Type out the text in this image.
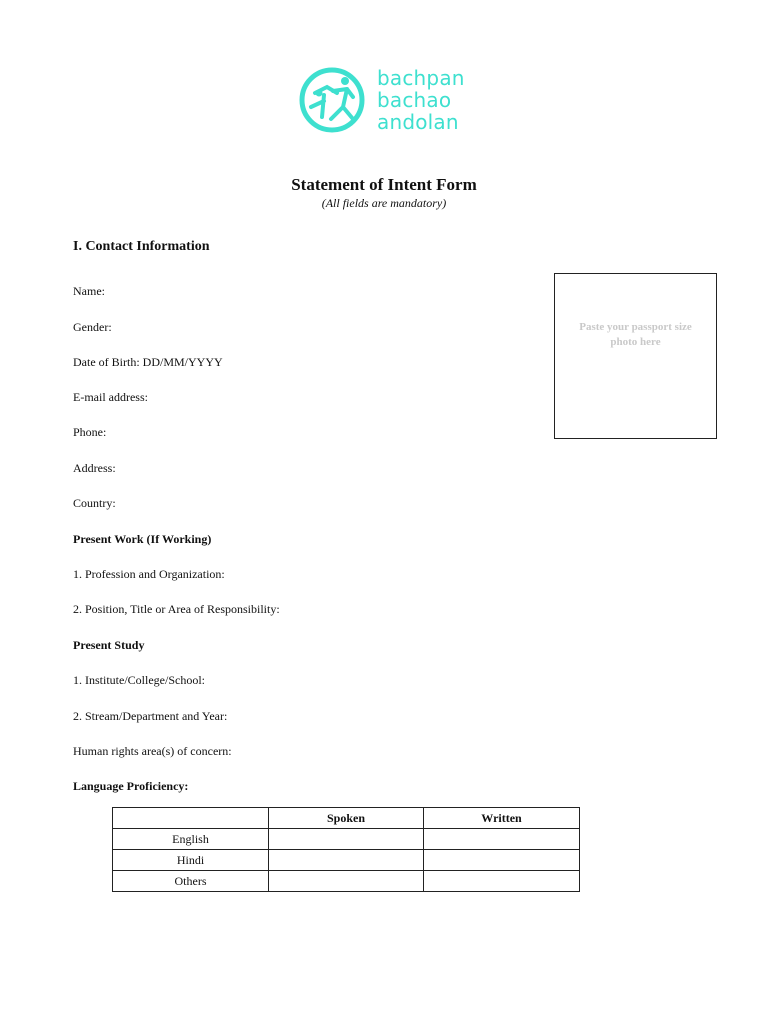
bachpan
bachao
andolan
Statement of Intent Form
(All fields are mandatory)
I. Contact Information
Name:
Gender:
Date of Birth: DD/MM/YYYY
E-mail address:
Phone:
Address:
Country:
Paste your passport size photo here
Present Work (If Working)
1. Profession and Organization:
2. Position, Title or Area of Responsibility:
Present Study
1. Institute/College/School:
2. Stream/Department and Year:
Human rights area(s) of concern:
Language Proficiency:
	Spoken	Written
English		
Hindi		
Others		
